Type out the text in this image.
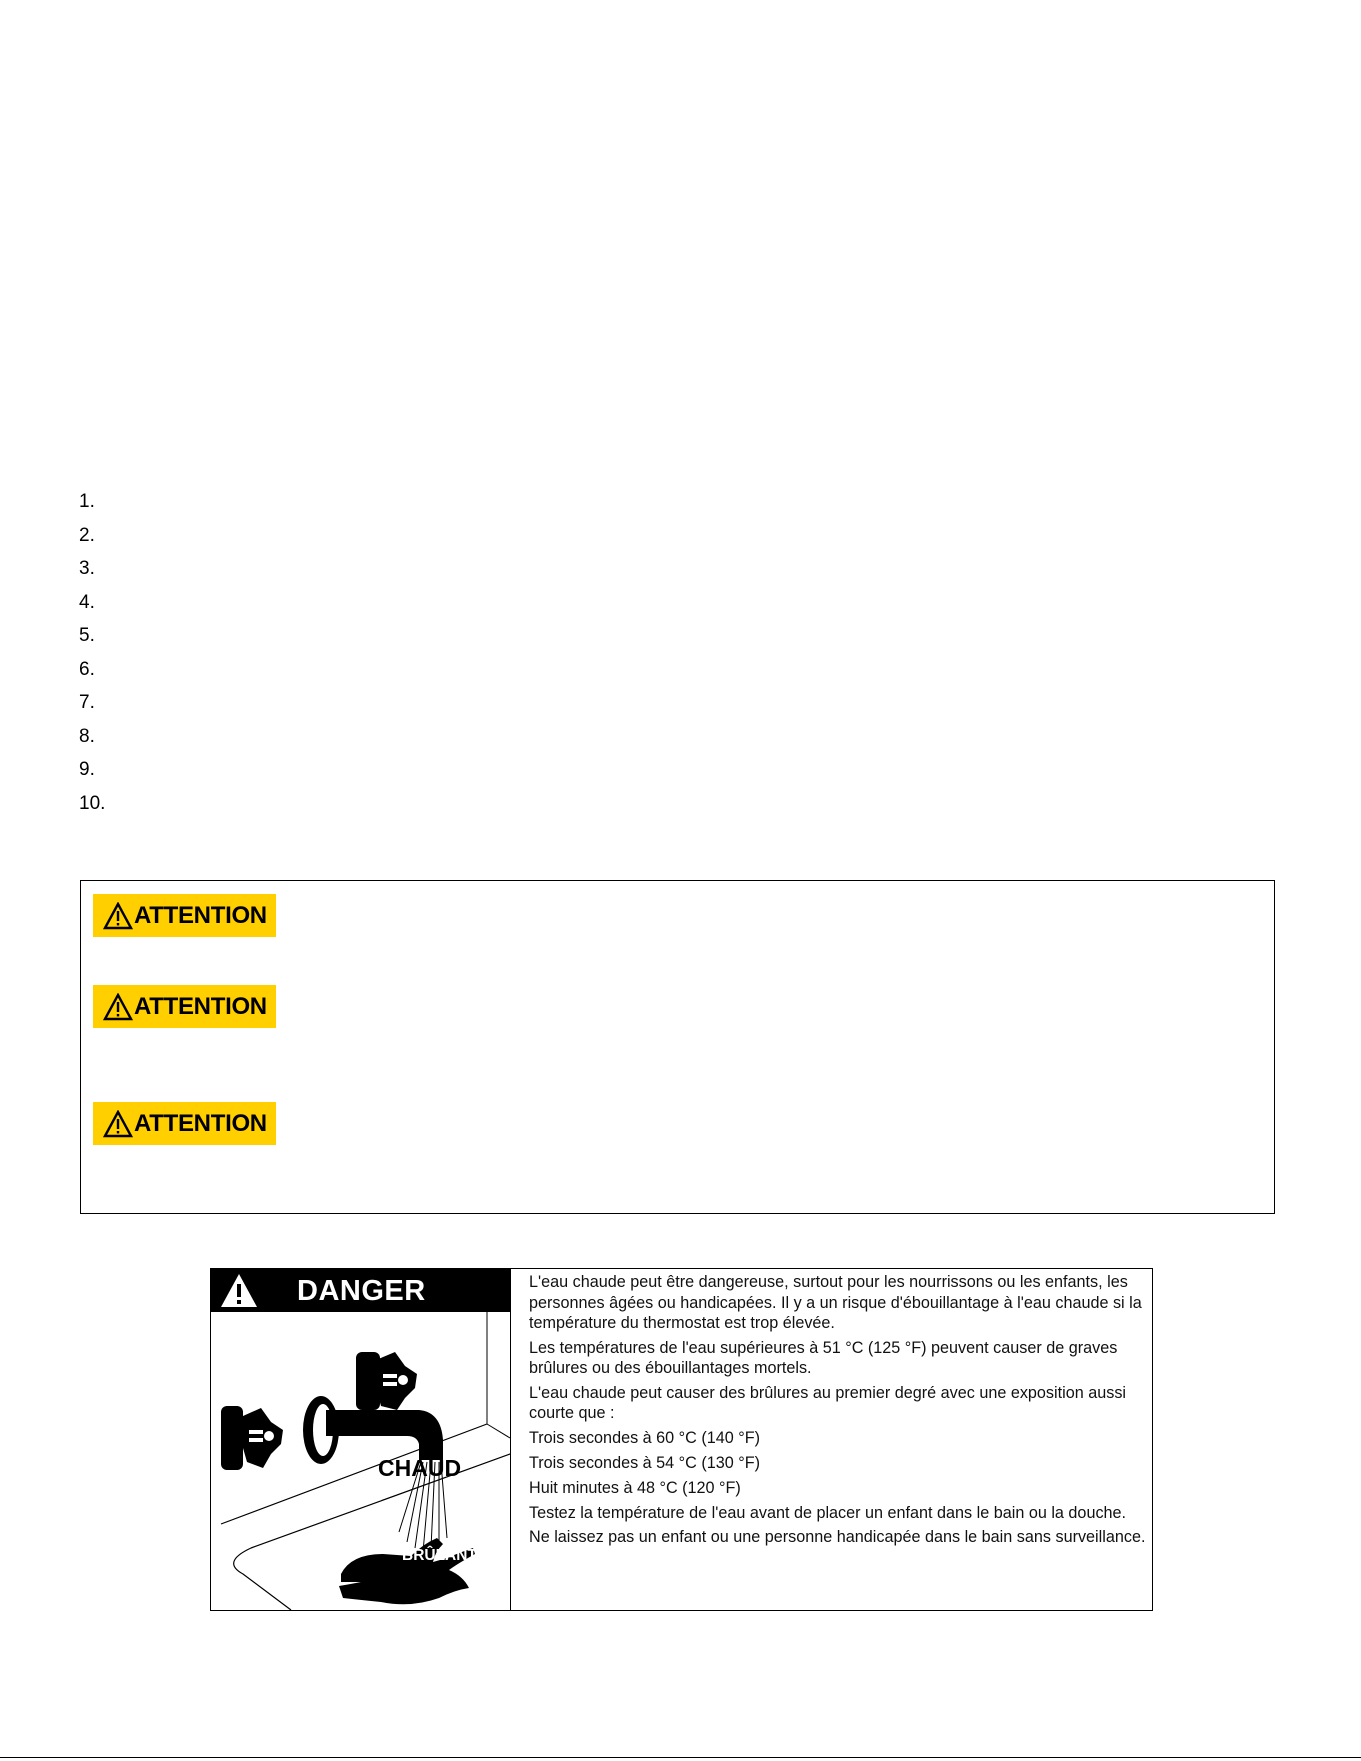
1.
2.
3.
4.
5.
6.
7.
8.
9.
10.
ATTENTION
ATTENTION
ATTENTION
DANGER
CHAUD
BRÛLANT

L'eau chaude peut être dangereuse, surtout pour les nourrissons ou les enfants, les personnes âgées ou handicapées. Il y a un risque d'ébouillantage à l'eau chaude si la température du thermostat est trop élevée.

Les températures de l'eau supérieures à 51 °C (125 °F) peuvent causer de graves brûlures ou des ébouillantages mortels.

L'eau chaude peut causer des brûlures au premier degré avec une exposition aussi courte que :

Trois secondes à 60 °C (140 °F)

Trois secondes à 54 °C (130 °F)

Huit minutes à 48 °C (120 °F)

Testez la température de l'eau avant de placer un enfant dans le bain ou la douche.

Ne laissez pas un enfant ou une personne handicapée dans le bain sans surveillance.
